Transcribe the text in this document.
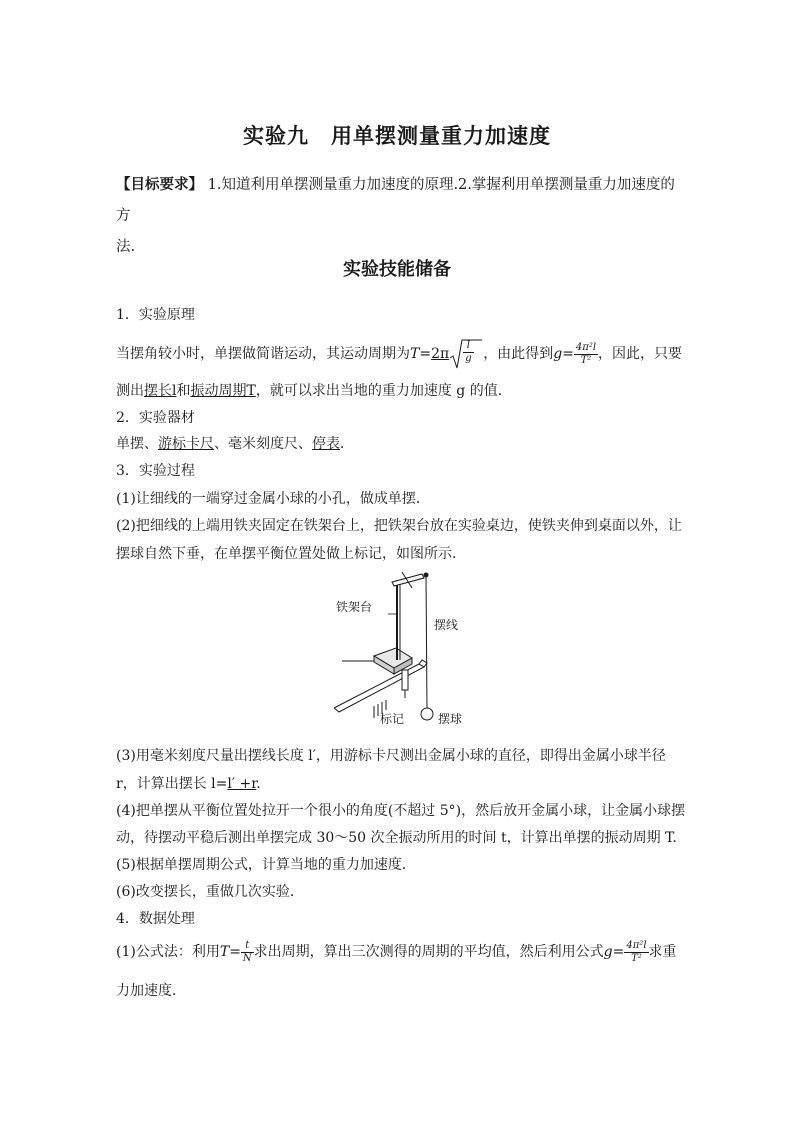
实验九 用单摆测量重力加速度
【目标要求】 1.知道利用单摆测量重力加速度的原理.2.掌握利用单摆测量重力加速度的方
法.
实验技能储备
1．实验原理
当摆角较小时，单摆做简谐运动，其运动周期为$T=2\pi \frac{l}{g}$ ，由此得到$g= \frac{\text{4π²l}}{\text{T²}}$ ，因此，只要
测出摆长l和振动周期T，就可以求出当地的重力加速度 g 的值．
2．实验器材
单摆、游标卡尺、毫米刻度尺、停表．
3．实验过程
(1)让细线的一端穿过金属小球的小孔，做成单摆．
(2)把细线的上端用铁夹固定在铁架台上，把铁架台放在实验桌边，使铁夹伸到桌面以外，让
摆球自然下垂，在单摆平衡位置处做上标记，如图所示．
铁架台
摆线
标记	摆球
(3)用毫米刻度尺量出摆线长度 l′，用游标卡尺测出金属小球的直径，即得出金属小球半径
r，计算出摆长 l=l′ +r.
(4)把单摆从平衡位置处拉开一个很小的角度(不超过 5°)，然后放开金属小球，让金属小球摆
动，待摆动平稳后测出单摆完成 30～50 次全振动所用的时间 t，计算出单摆的振动周期 T.
(5)根据单摆周期公式，计算当地的重力加速度．
(6)改变摆长，重做几次实验．
4．数据处理
(1)公式法：利用$T= \frac{t}{N}$ 求出周期，算出三次测得的周期的平均值，然后利用公式$g= \frac{\text{4π²l}}{\text{T²}}$ 求重
力加速度．
